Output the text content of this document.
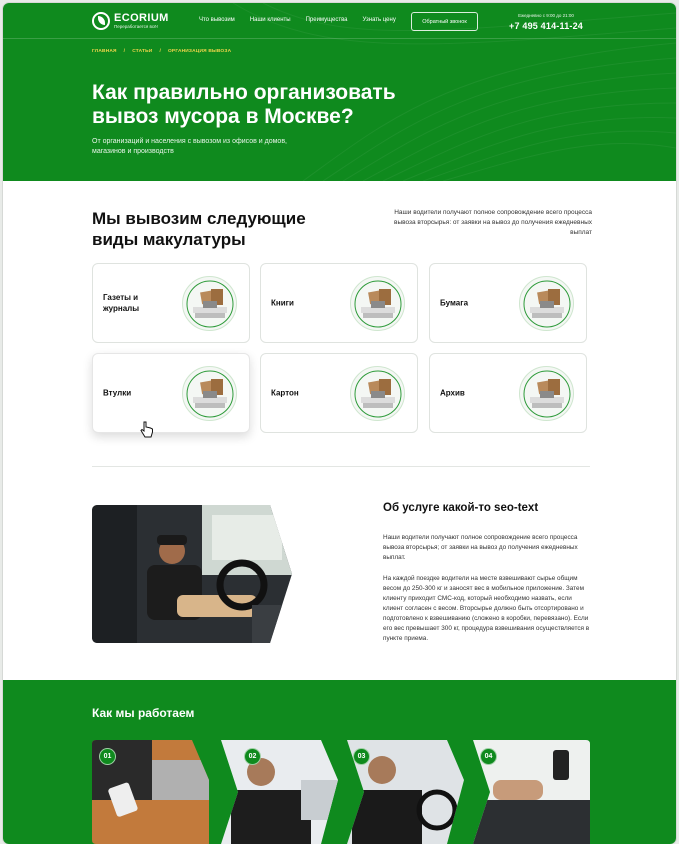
ECORIUM
Переработается всё!
Что вывозим	Наши клиенты	Преимущества	Узнать цену	Обратный звонок
Ежедневно с 9:00 до 21:00
+7 495 414-11-24
ГЛАВНАЯ / СТАТЬИ / ОРГАНИЗАЦИЯ ВЫВОЗА
Как правильно организовать вывоз мусора в Москве?

От организаций и населения с вывозом из офисов и домов, магазинов и производств

Мы вывозим следующие виды макулатуры

Наши водители получают полное сопровождение всего процесса вывоза вторсырья: от заявки на вывоз до получения ежедневных выплат

Газеты и журналы
Книги	Бумага
Втулки	Картон	Архив
Об услуге какой-то seo-text

Наши водители получают полное сопровождение всего процесса вывоза вторсырья; от заявки на вывоз до получения ежедневных выплат.

На каждой поездке водители на месте взвешивают сырье общим весом до 250-300 кг и заносят вес в мобильное приложение. Затем клиенту приходит СМС-код, который необходимо назвать, если клиент согласен с весом. Вторсырье должно быть отсортировано и подготовлено к взвешиванию (сложено в коробки, перевязано). Если его вес превышает 300 кг, процедура взвешивания осуществляется в пункте приема.

Как мы работаем
01	02	03	04
